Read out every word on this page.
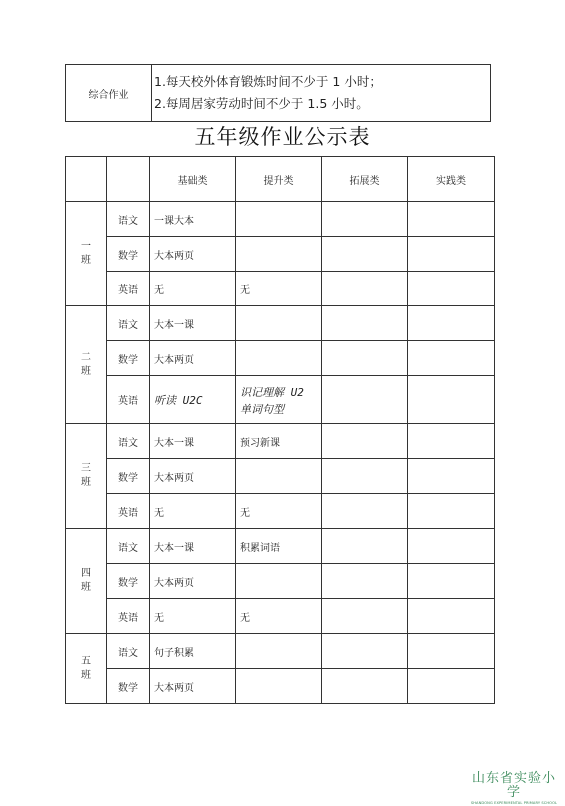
综合作业	
1.每天校外体育锻炼时间不少于 1 小时；
2.每周居家劳动时间不少于 1.5 小时。
五年级作业公示表
		基础类	提升类	拓展类	实践类

一
班	语文	一课大本			
	数学	大本两页			
	英语	无	无		

二
班	语文	大本一课			
	数学	大本两页			
	英语	听读 U2C	识记理解 U2 单词句型		

三
班	语文	大本一课	预习新课		
	数学	大本两页			
	英语	无	无		

四
班	语文	大本一课	积累词语		
	数学	大本两页			
	英语	无	无		

五
班	语文	句子积累			
	数学	大本两页			
山东省实验小学
SHANDONG EXPERIMENTAL PRIMARY SCHOOL
